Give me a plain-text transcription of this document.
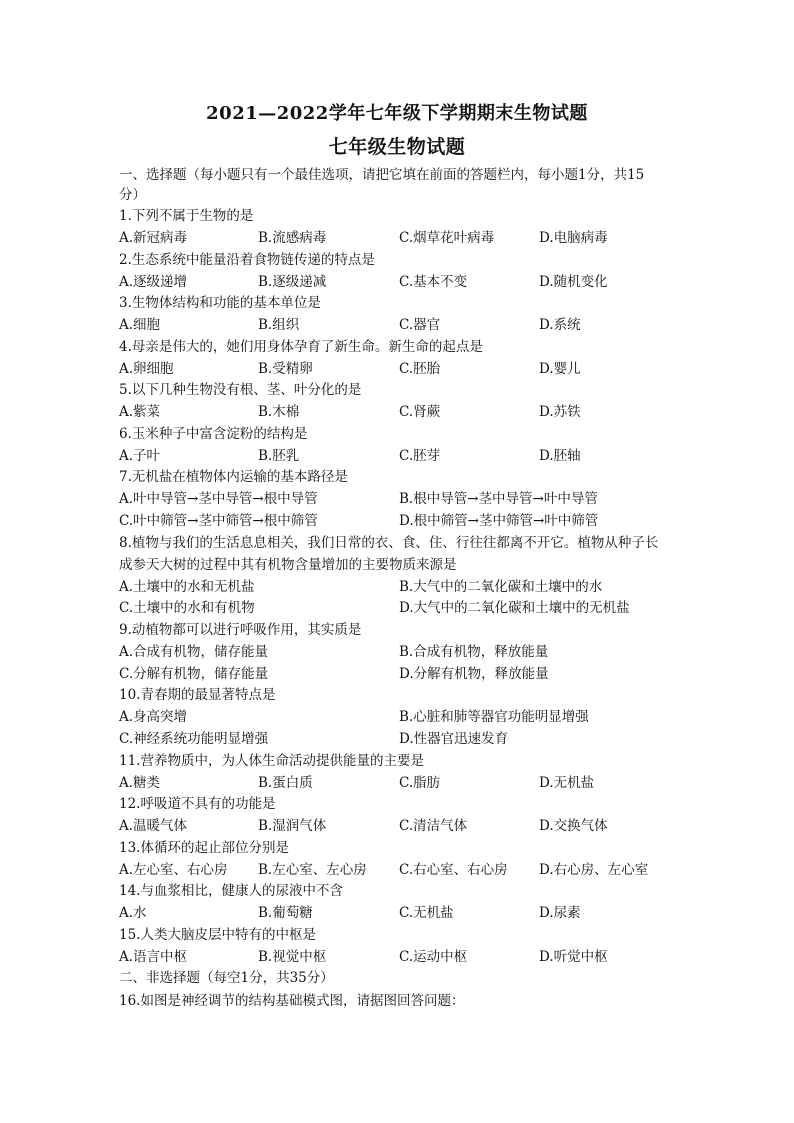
2021—2022学年七年级下学期期末生物试题
七年级生物试题
一、选择题（每小题只有一个最佳选项，请把它填在前面的答题栏内，每小题1分，共15
分）
1.下列不属于生物的是
A.新冠病毒	B.流感病毒	C.烟草花叶病毒	D.电脑病毒
2.生态系统中能量沿着食物链传递的特点是
A.逐级递增	B.逐级递减	C.基本不变	D.随机变化
3.生物体结构和功能的基本单位是
A.细胞	B.组织	C.器官	D.系统
4.母亲是伟大的，她们用身体孕育了新生命。新生命的起点是
A.卵细胞	B.受精卵	C.胚胎	D.婴儿
5.以下几种生物没有根、茎、叶分化的是
A.紫菜	B.木棉	C.肾蕨	D.苏铁
6.玉米种子中富含淀粉的结构是
A.子叶	B.胚乳	C.胚芽	D.胚轴
7.无机盐在植物体内运输的基本路径是
A.叶中导管→茎中导管→根中导管	B.根中导管→茎中导管→叶中导管
C.叶中筛管→茎中筛管→根中筛管	D.根中筛管→茎中筛管→叶中筛管
8.植物与我们的生活息息相关，我们日常的衣、食、住、行往往都离不开它。植物从种子长
成参天大树的过程中其有机物含量增加的主要物质来源是
A.土壤中的水和无机盐	B.大气中的二氧化碳和土壤中的水
C.土壤中的水和有机物	D.大气中的二氧化碳和土壤中的无机盐
9.动植物都可以进行呼吸作用，其实质是
A.合成有机物，储存能量	B.合成有机物，释放能量
C.分解有机物，储存能量	D.分解有机物，释放能量
10.青春期的最显著特点是
A.身高突增	B.心脏和肺等器官功能明显增强
C.神经系统功能明显增强	D.性器官迅速发育
11.营养物质中，为人体生命活动提供能量的主要是
A.糖类	B.蛋白质	C.脂肪	D.无机盐
12.呼吸道不具有的功能是
A.温暖气体	B.湿润气体	C.清洁气体	D.交换气体
13.体循环的起止部位分别是
A.左心室、右心房 B.左心室、左心房 C.右心室、右心房 D.右心房、左心室
14.与血浆相比，健康人的尿液中不含
A.水	B.葡萄糖	C.无机盐	D.尿素
15.人类大脑皮层中特有的中枢是
A.语言中枢	B.视觉中枢	C.运动中枢	D.听觉中枢
二、非选择题（每空1分，共35分）
16.如图是神经调节的结构基础模式图，请据图回答问题：
